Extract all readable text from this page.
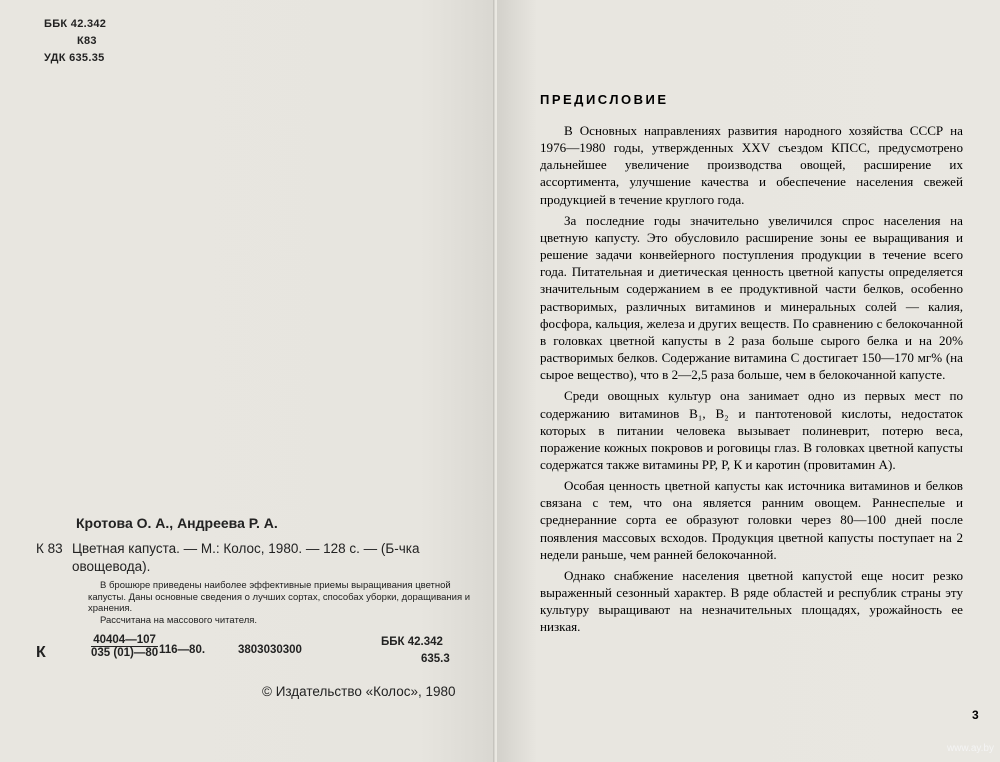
ББК 42.342
К83
УДК 635.35
Кротова О. А., Андреева Р. А.
К 83 Цветная капуста. — М.: Колос, 1980. — 128 с. — (Б-чка овощевода).

В брошюре приведены наиболее эффективные приемы выращивания цветной капусты. Даны основные сведения о лучших сортах, способах уборки, дорaщивания и хранения.

Рассчитана на массового читателя.

К	$\frac{40404—107}{035 (01)—80}$ 116—80.	3803030300
ББК 42.342
635.3
© Издательство «Колос», 1980
ПРЕДИСЛОВИЕ

В Основных направлениях развития народного хозяйства СССР на 1976—1980 годы, утвержденных XXV съездом КПСС, предусмотрено дальнейшее увеличение производства овощей, расширение их ассортимента, улучшение качества и обеспечение населения свежей продукцией в течение круглого года.

За последние годы значительно увеличился спрос населения на цветную капусту. Это обусловило расширение зоны ее выращивания и решение задачи конвейерного поступления продукции в течение всего года. Питательная и диетическая ценность цветной капусты определяется значительным содержанием в ее продуктивной части белков, особенно растворимых, различных витаминов и минеральных солей — калия, фосфора, кальция, железа и других веществ. По сравнению с белокочанной в головках цветной капусты в 2 раза больше сырого белка и на 20% растворимых белков. Содержание витамина С достигает 150—170 мг% (на сырое вещество), что в 2—2,5 раза больше, чем в белокочанной капусте.

Среди овощных культур она занимает одно из первых мест по содержанию витаминов B₁, B₂ и пантотеновой кислоты, недостаток которых в питании человека вызывает полиневрит, потерю веса, поражение кожных покровов и роговицы глаз. В головках цветной капусты содержатся также витамины РР, Р, К и каротин (провитамин А).

Особая ценность цветной капусты как источника витаминов и белков связана с тем, что она является ранним овощем. Раннеспелые и среднеранние сорта ее образуют головки через 80—100 дней после появления массовых всходов. Продукция цветной капусты поступает на 2 недели раньше, чем ранней белокочанной.

Однако снабжение населения цветной капустой еще носит резко выраженный сезонный характер. В ряде областей и республик страны эту культуру выращивают на незначительных площадях, урожайность ее низкая.

3
www.ay.by
